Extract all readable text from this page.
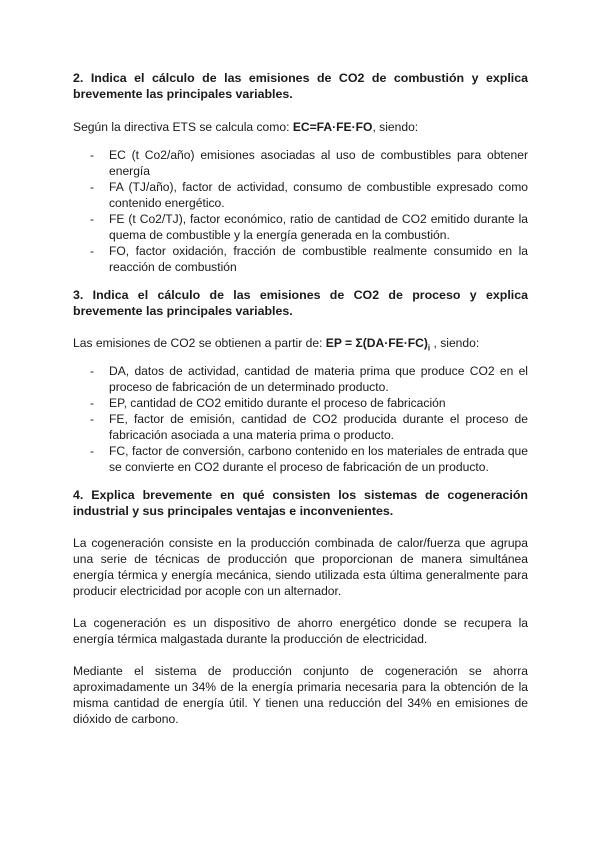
2. Indica el cálculo de las emisiones de CO2 de combustión y explica brevemente las principales variables.

Según la directiva ETS se calcula como: EC=FA·FE·FO, siendo:

- EC (t Co2/año) emisiones asociadas al uso de combustibles para obtener energía
- FA (TJ/año), factor de actividad, consumo de combustible expresado como contenido energético.
- FE (t Co2/TJ), factor económico, ratio de cantidad de CO2 emitido durante la quema de combustible y la energía generada en la combustión.
- FO, factor oxidación, fracción de combustible realmente consumido en la reacción de combustión

3. Indica el cálculo de las emisiones de CO2 de proceso y explica brevemente las principales variables.

Las emisiones de CO2 se obtienen a partir de: EP = $\Sigma(DA\cdot FE\cdot FC)_i$ , siendo:

- DA, datos de actividad, cantidad de materia prima que produce CO2 en el proceso de fabricación de un determinado producto.
- EP, cantidad de CO2 emitido durante el proceso de fabricación
- FE, factor de emisión, cantidad de CO2 producida durante el proceso de fabricación asociada a una materia prima o producto.
- FC, factor de conversión, carbono contenido en los materiales de entrada que se convierte en CO2 durante el proceso de fabricación de un producto.

4. Explica brevemente en qué consisten los sistemas de cogeneración industrial y sus principales ventajas e inconvenientes.

La cogeneración consiste en la producción combinada de calor/fuerza que agrupa una serie de técnicas de producción que proporcionan de manera simultánea energía térmica y energía mecánica, siendo utilizada esta última generalmente para producir electricidad por acople con un alternador.

La cogeneración es un dispositivo de ahorro energético donde se recupera la energía térmica malgastada durante la producción de electricidad.

Mediante el sistema de producción conjunto de cogeneración se ahorra aproximadamente un 34% de la energía primaria necesaria para la obtención de la misma cantidad de energía útil. Y tienen una reducción del 34% en emisiones de dióxido de carbono.
